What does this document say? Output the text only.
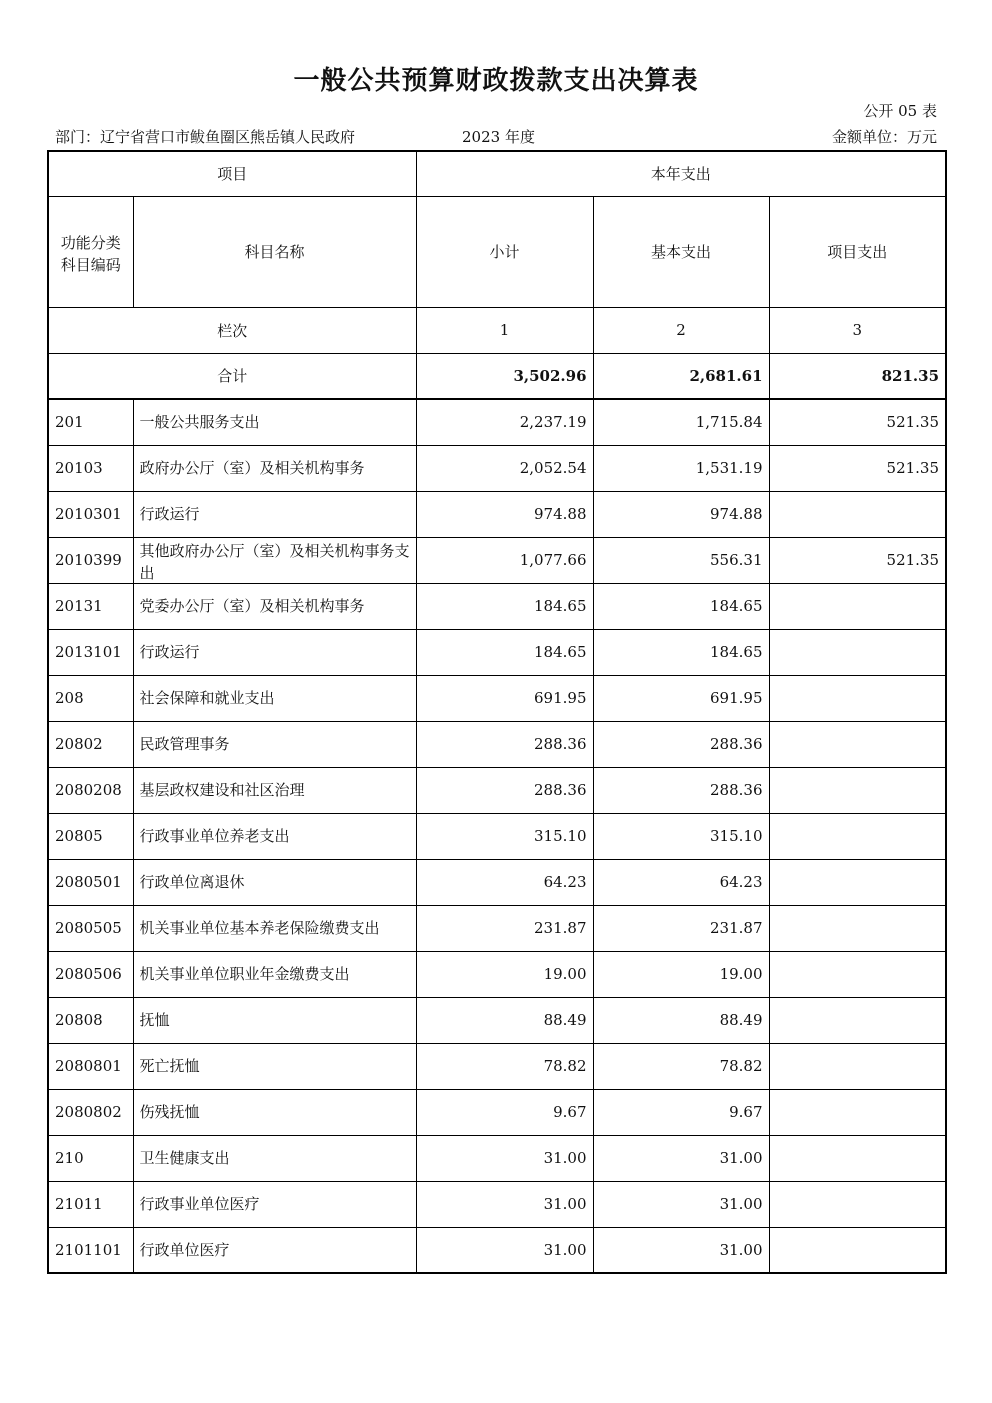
一般公共预算财政拨款支出决算表
公开 05 表
部门：辽宁省营口市鲅鱼圈区熊岳镇人民政府	2023 年度	金额单位：万元
项目		本年支出		

功能分类科目编码	科目名称	小计	基本支出	项目支出
栏次		1	2	3
合计		3,502.96	2,681.61	821.35
201	一般公共服务支出	2,237.19	1,715.84	521.35
20103	政府办公厅（室）及相关机构事务	2,052.54	1,531.19	521.35
2010301	行政运行	974.88	974.88	
2010399	其他政府办公厅（室）及相关机构事务支出	1,077.66	556.31	521.35
20131	党委办公厅（室）及相关机构事务	184.65	184.65	
2013101	行政运行	184.65	184.65	
208	社会保障和就业支出	691.95	691.95	
20802	民政管理事务	288.36	288.36	
2080208	基层政权建设和社区治理	288.36	288.36	
20805	行政事业单位养老支出	315.10	315.10	
2080501	行政单位离退休	64.23	64.23	
2080505	机关事业单位基本养老保险缴费支出	231.87	231.87	
2080506	机关事业单位职业年金缴费支出	19.00	19.00	
20808	抚恤	88.49	88.49	
2080801	死亡抚恤	78.82	78.82	
2080802	伤残抚恤	9.67	9.67	
210	卫生健康支出	31.00	31.00	
21011	行政事业单位医疗	31.00	31.00	
2101101	行政单位医疗	31.00	31.00	
